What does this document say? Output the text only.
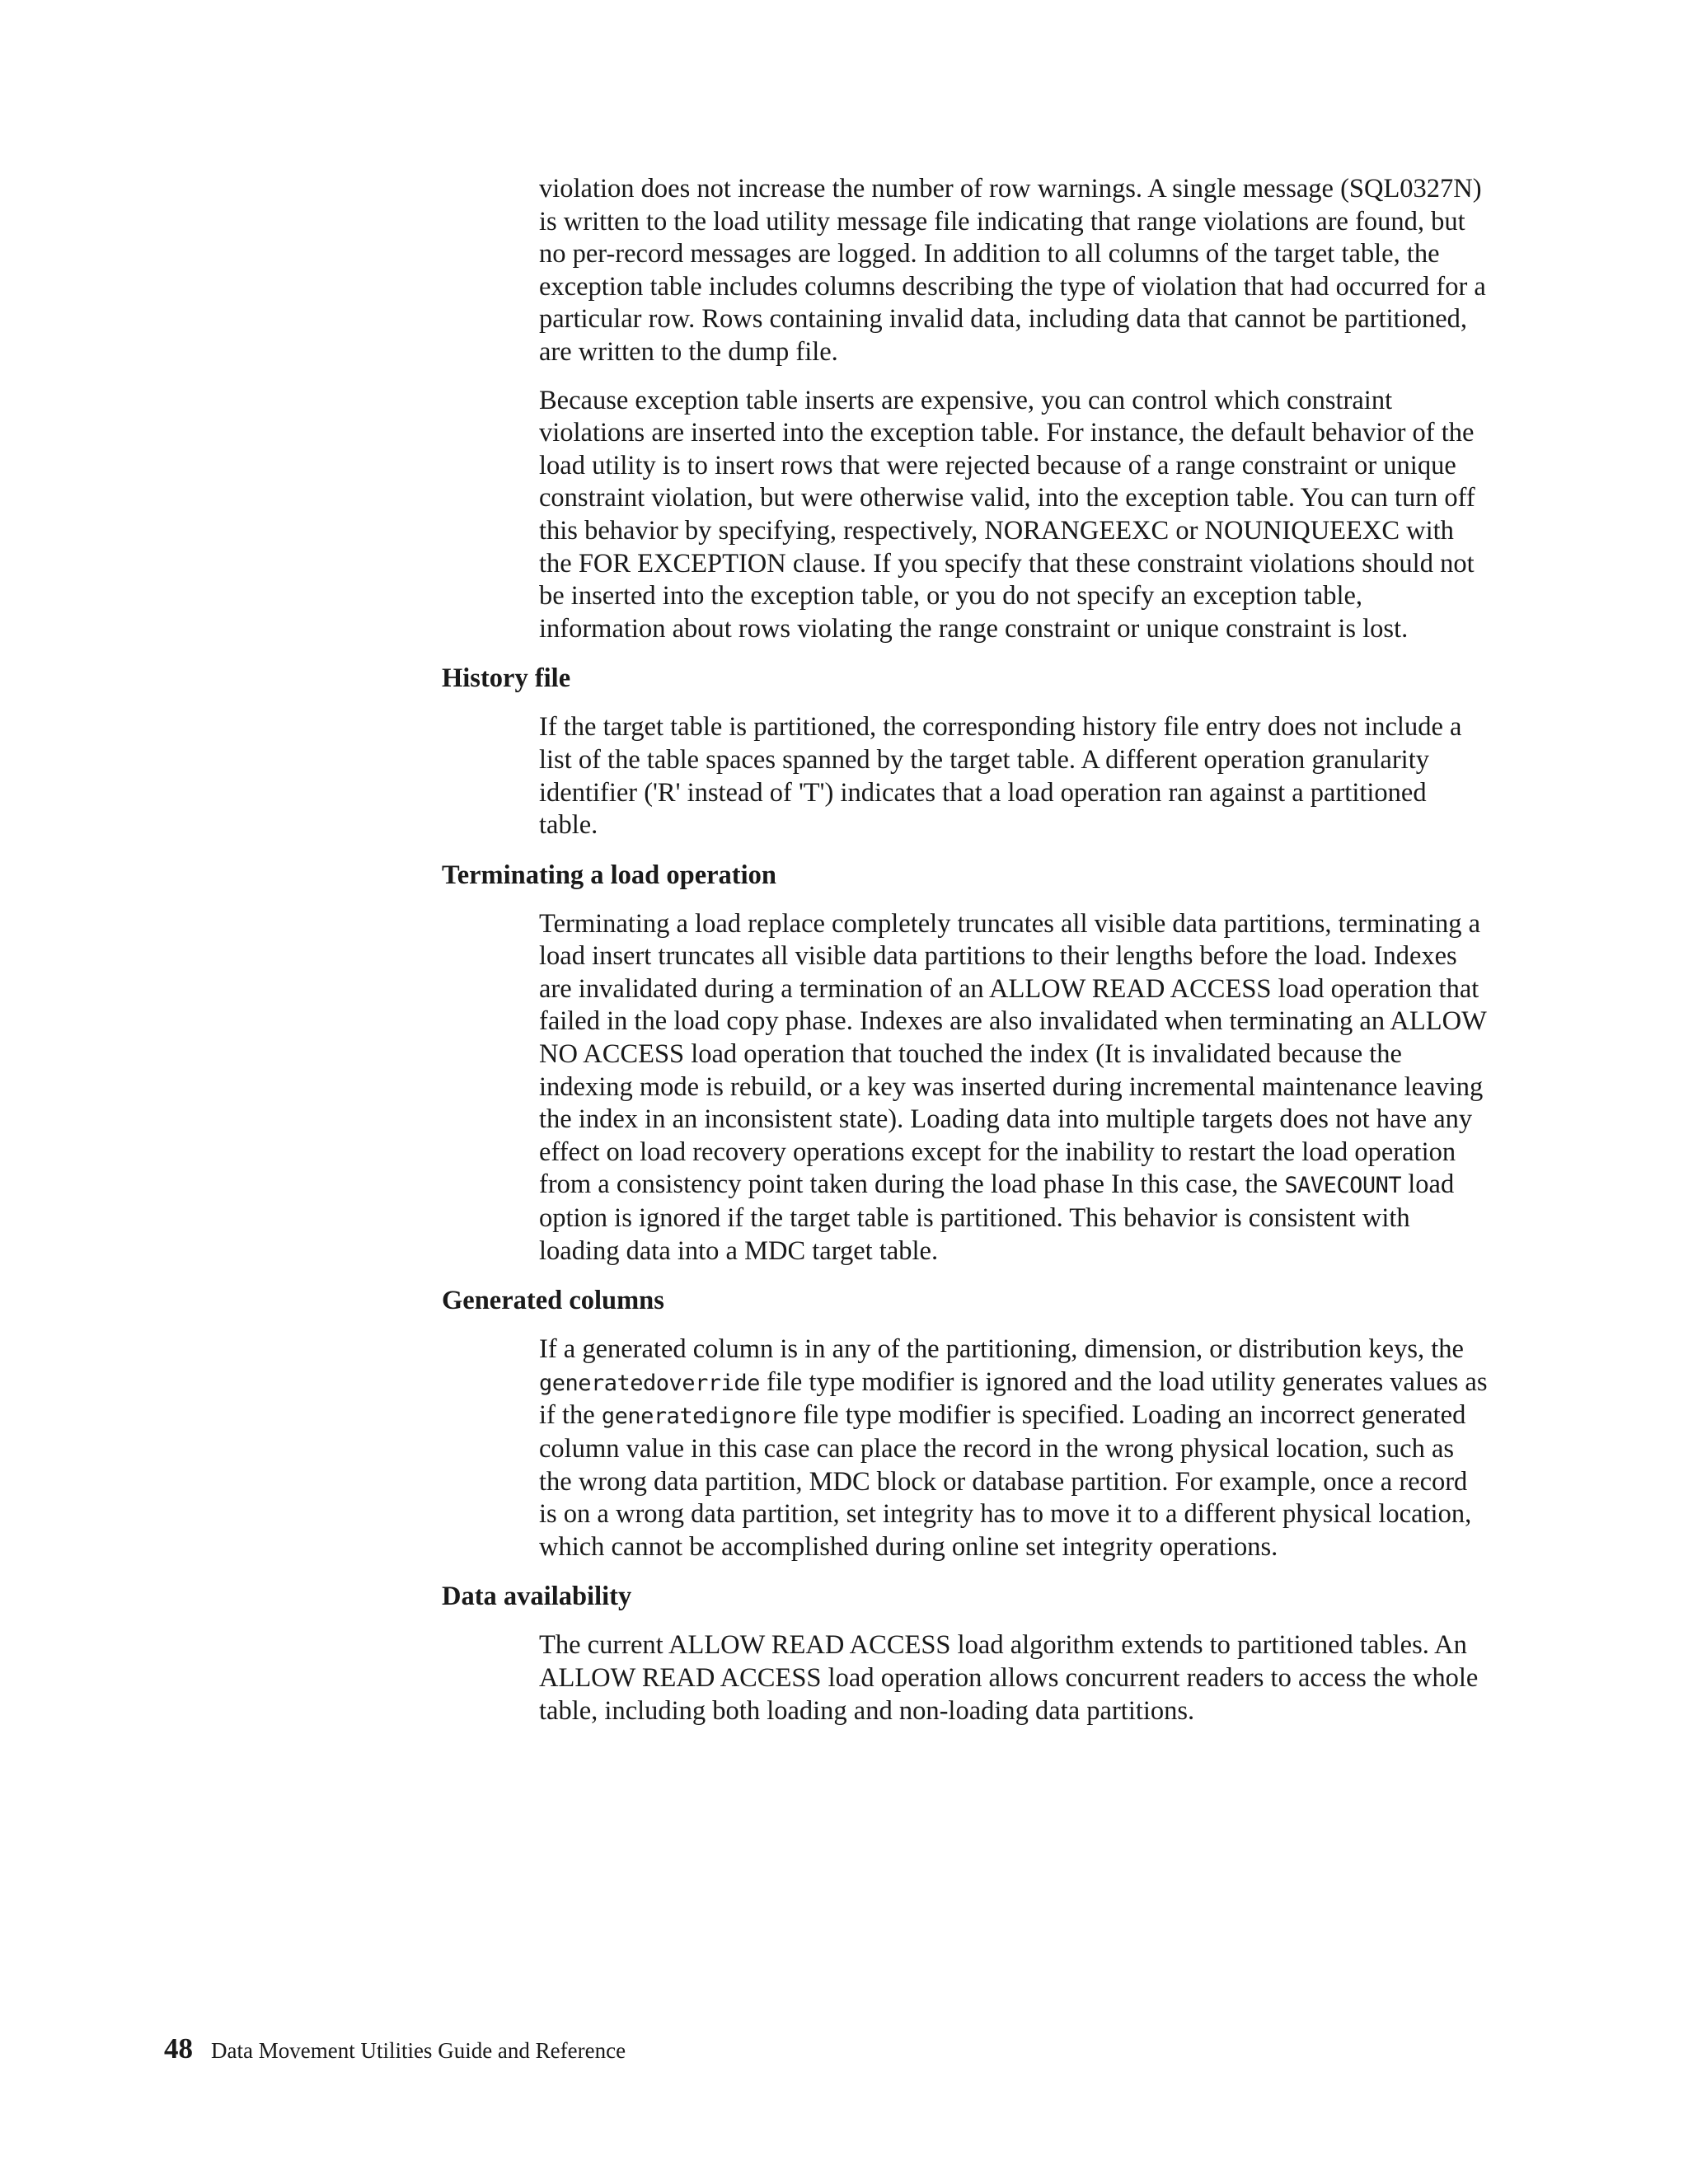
violation does not increase the number of row warnings. A single message (SQL0327N) is written to the load utility message file indicating that range violations are found, but no per-record messages are logged. In addition to all columns of the target table, the exception table includes columns describing the type of violation that had occurred for a particular row. Rows containing invalid data, including data that cannot be partitioned, are written to the dump file.

Because exception table inserts are expensive, you can control which constraint violations are inserted into the exception table. For instance, the default behavior of the load utility is to insert rows that were rejected because of a range constraint or unique constraint violation, but were otherwise valid, into the exception table. You can turn off this behavior by specifying, respectively, NORANGEEXC or NOUNIQUEEXC with the FOR EXCEPTION clause. If you specify that these constraint violations should not be inserted into the exception table, or you do not specify an exception table, information about rows violating the range constraint or unique constraint is lost.

History file

If the target table is partitioned, the corresponding history file entry does not include a list of the table spaces spanned by the target table. A different operation granularity identifier ('R' instead of 'T') indicates that a load operation ran against a partitioned table.

Terminating a load operation

Terminating a load replace completely truncates all visible data partitions, terminating a load insert truncates all visible data partitions to their lengths before the load. Indexes are invalidated during a termination of an ALLOW READ ACCESS load operation that failed in the load copy phase. Indexes are also invalidated when terminating an ALLOW NO ACCESS load operation that touched the index (It is invalidated because the indexing mode is rebuild, or a key was inserted during incremental maintenance leaving the index in an inconsistent state). Loading data into multiple targets does not have any effect on load recovery operations except for the inability to restart the load operation from a consistency point taken during the load phase In this case, the SAVECOUNT load option is ignored if the target table is partitioned. This behavior is consistent with loading data into a MDC target table.

Generated columns

If a generated column is in any of the partitioning, dimension, or distribution keys, the generatedoverride file type modifier is ignored and the load utility generates values as if the generatedignore file type modifier is specified. Loading an incorrect generated column value in this case can place the record in the wrong physical location, such as the wrong data partition, MDC block or database partition. For example, once a record is on a wrong data partition, set integrity has to move it to a different physical location, which cannot be accomplished during online set integrity operations.

Data availability

The current ALLOW READ ACCESS load algorithm extends to partitioned tables. An ALLOW READ ACCESS load operation allows concurrent readers to access the whole table, including both loading and non-loading data partitions.

48 Data Movement Utilities Guide and Reference
